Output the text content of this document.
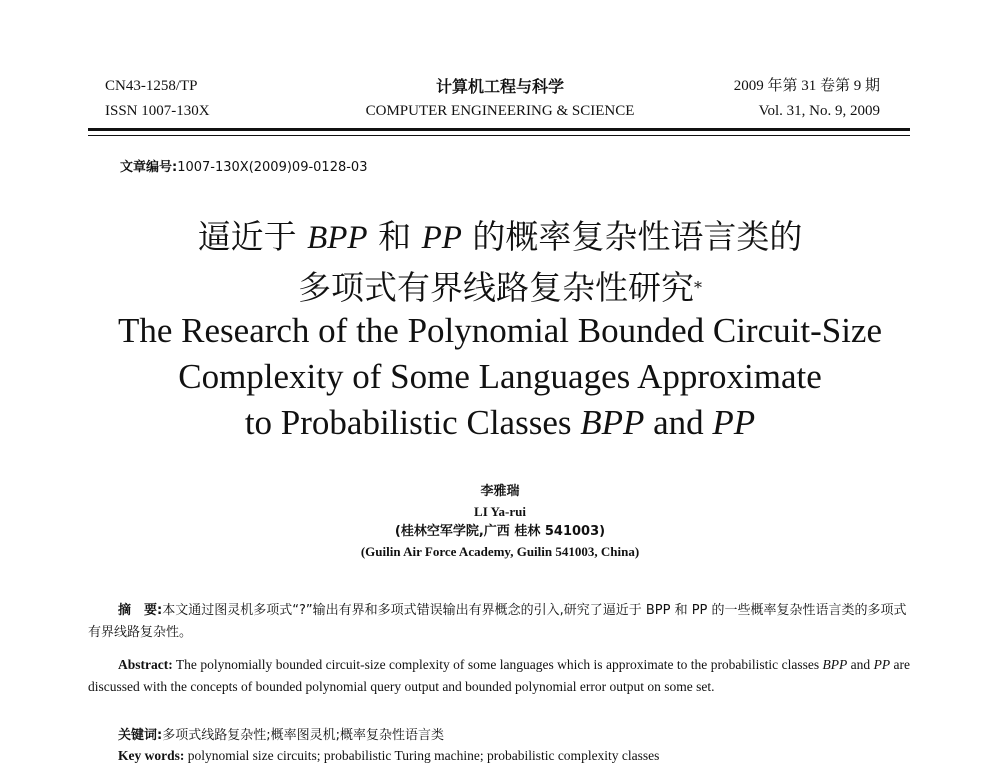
CN43-1258/TP
ISSN 1007-130X
计算机工程与科学
COMPUTER ENGINEERING & SCIENCE
2009 年第 31 卷第 9 期
Vol. 31, No. 9, 2009
文章编号:1007-130X(2009)09-0128-03
逼近于 BPP 和 PP 的概率复杂性语言类的
多项式有界线路复杂性研究*
The Research of the Polynomial Bounded Circuit-Size
Complexity of Some Languages Approximate
to Probabilistic Classes BPP and PP
李雅瑞
LI Ya-rui
(桂林空军学院,广西 桂林 541003)
(Guilin Air Force Academy, Guilin 541003, China)
摘　要:本文通过图灵机多项式“?”输出有界和多项式错误输出有界概念的引入,研究了逼近于 BPP 和 PP 的一些概率复杂性语言类的多项式有界线路复杂性。
Abstract: The polynomially bounded circuit-size complexity of some languages which is approximate to the probabilistic classes BPP and PP are discussed with the concepts of bounded polynomial query output and bounded polynomial error output on some set.
关键词:多项式线路复杂性;概率图灵机;概率复杂性语言类
Key words: polynomial size circuits; probabilistic Turing machine; probabilistic complexity classes
